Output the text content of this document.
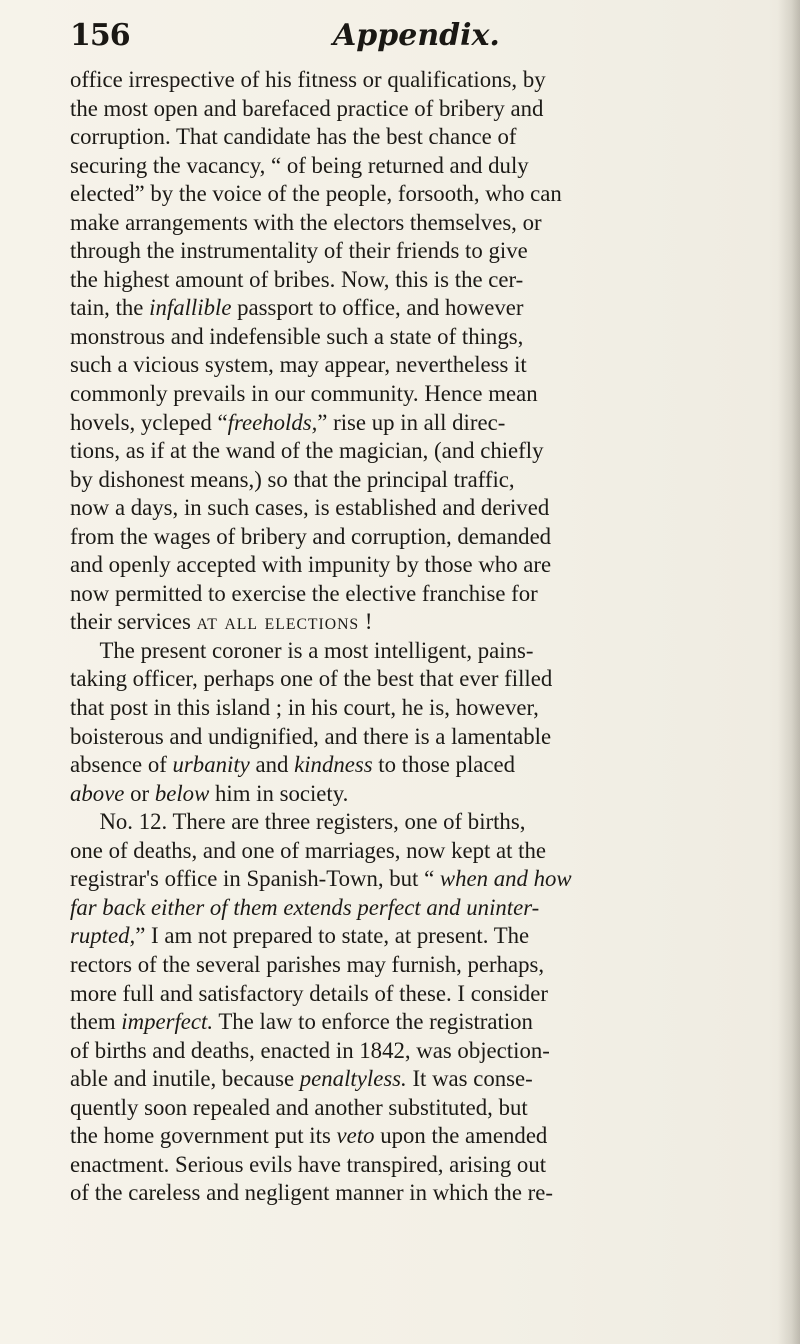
156	Appendix.
office irrespective of his fitness or qualifications, by
the most open and barefaced practice of bribery and
corruption. That candidate has the best chance of
securing the vacancy, “ of being returned and duly
elected” by the voice of the people, forsooth, who can
make arrangements with the electors themselves, or
through the instrumentality of their friends to give
the highest amount of bribes. Now, this is the cer-
tain, the infallible passport to office, and however
monstrous and indefensible such a state of things,
such a vicious system, may appear, nevertheless it
commonly prevails in our community. Hence mean
hovels, ycleped “freeholds,” rise up in all direc-
tions, as if at the wand of the magician, (and chiefly
by dishonest means,) so that the principal traffic,
now a days, in such cases, is established and derived
from the wages of bribery and corruption, demanded
and openly accepted with impunity by those who are
now permitted to exercise the elective franchise for
their services at all elections !
The present coroner is a most intelligent, pains-
taking officer, perhaps one of the best that ever filled
that post in this island ; in his court, he is, however,
boisterous and undignified, and there is a lamentable
absence of urbanity and kindness to those placed
above or below him in society.
No. 12. There are three registers, one of births,
one of deaths, and one of marriages, now kept at the
registrar's office in Spanish-Town, but “ when and how
far back either of them extends perfect and uninter-
rupted,” I am not prepared to state, at present. The
rectors of the several parishes may furnish, perhaps,
more full and satisfactory details of these. I consider
them imperfect. The law to enforce the registration
of births and deaths, enacted in 1842, was objection-
able and inutile, because penaltyless. It was conse-
quently soon repealed and another substituted, but
the home government put its veto upon the amended
enactment. Serious evils have transpired, arising out
of the careless and negligent manner in which the re-
